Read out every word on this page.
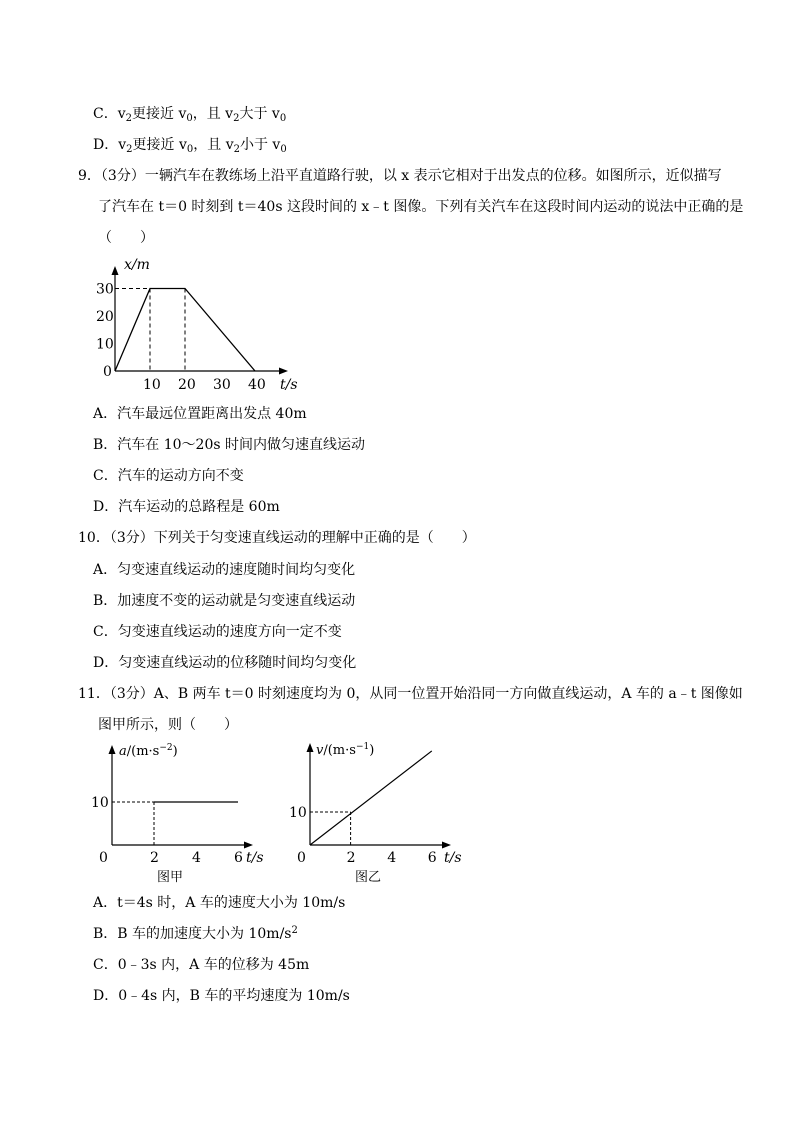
C．$v_2$更接近 $v_0$，且 $v_2$大于 $v_0$
D．$v_2$更接近 $v_0$，且 $v_2$小于 $v_0$
9．（3分）一辆汽车在教练场上沿平直道路行驶，以 x 表示它相对于出发点的位移。如图所示，近似描写
了汽车在 t＝0 时刻到 t＝40s 这段时间的 x﹣t 图像。下列有关汽车在这段时间内运动的说法中正确的是
（　　）
x/m
t/s
0
30
20
10
10 20 30 40
A．汽车最远位置距离出发点 40m
B．汽车在 10～20s 时间内做匀速直线运动
C．汽车的运动方向不变
D．汽车运动的总路程是 60m
10．（3分）下列关于匀变速直线运动的理解中正确的是（　　）
A．匀变速直线运动的速度随时间均匀变化
B．加速度不变的运动就是匀变速直线运动
C．匀变速直线运动的速度方向一定不变
D．匀变速直线运动的位移随时间均匀变化
11．（3分）A、B 两车 t＝0 时刻速度均为 0，从同一位置开始沿同一方向做直线运动，A 车的 a﹣t 图像如
图甲所示，则（　　）
$a/(m\cdot s^{-2})$
t/s
0
10
2 4 6
图甲
$v/(m\cdot s^{-1})$
t/s
0
10
2 4 6
图乙
A．t＝4s 时，A 车的速度大小为 10m/s
B．B 车的加速度大小为 $10m/s^2$
C．0﹣3s 内，A 车的位移为 45m
D．0﹣4s 内，B 车的平均速度为 10m/s
